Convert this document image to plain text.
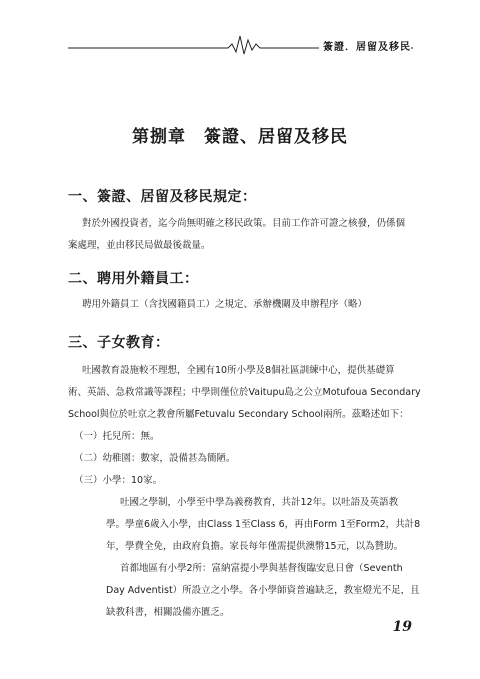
簽證．居留及移民
第捌章　簽證、居留及移民
一、簽證、居留及移民規定：
對於外國投資者，迄今尚無明確之移民政策。目前工作許可證之核發，仍係個
案處理，並由移民局做最後裁量。
二、聘用外籍員工：
聘用外籍員工（含找國籍員工）之規定、承辦機關及申辦程序（略）
三、子女教育：
吐國教育設施較不理想，全國有10所小學及8個社區訓練中心，提供基礎算
術、英語、急救常識等課程；中學則僅位於Vaitupu島之公立Motufoua Secondary
School與位於吐京之教會所屬Fetuvalu Secondary School兩所。茲略述如下：
（一）托兒所：無。
（二）幼稚園：數家，設備甚為簡陋。
（三）小學：10家。
吐國之學制，小學至中學為義務教育，共計12年。以吐語及英語教
學。學童6歲入小學，由Class 1至Class 6，再由Form 1至Form2，共計8
年，學費全免，由政府負擔。家長每年僅需提供澳幣15元，以為贊助。
首都地區有小學2所：富納富提小學與基督復臨安息日會（Seventh
Day Adventist）所設立之小學。各小學師資普遍缺乏，教室燈光不足，且
缺教科書，相關設備亦匱乏。
19
